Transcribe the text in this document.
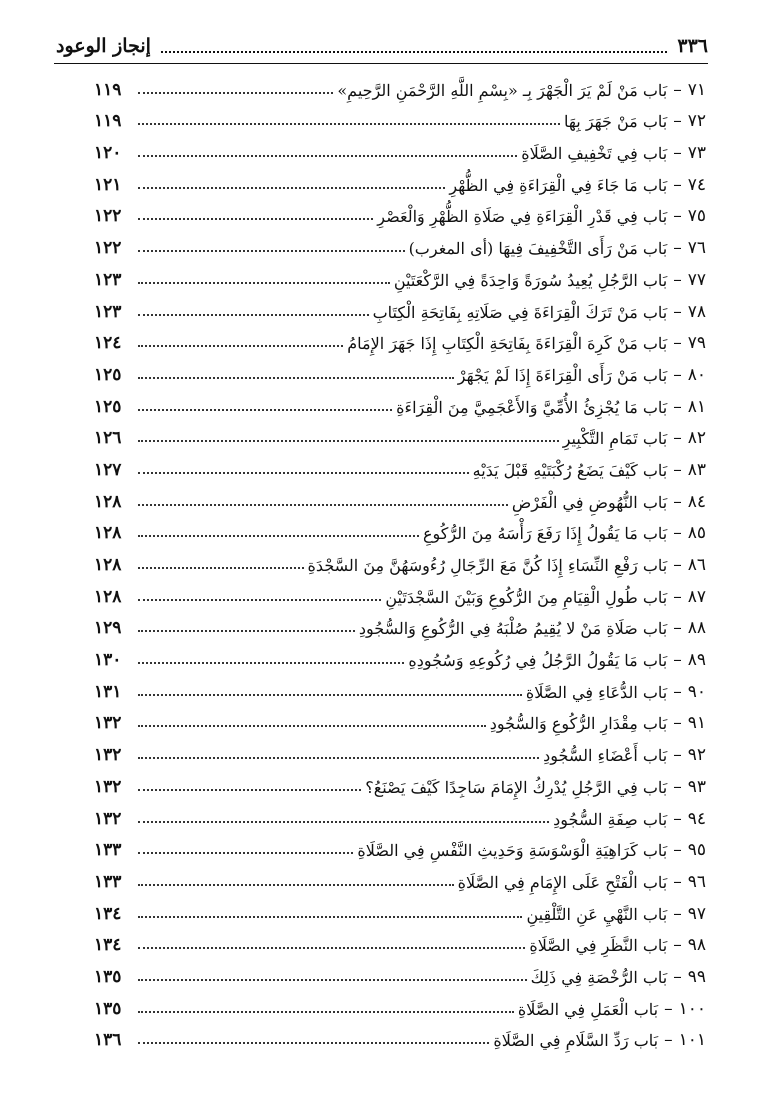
٣٣٦
إنجاز الوعود
٧١
–
بَاب مَنْ لَمْ يَرَ الْجَهْرَ بِـ «بِسْمِ اللَّهِ الرَّحْمَنِ الرَّحِيمِ»
١١٩
٧٢
–
بَاب مَنْ جَهَرَ بِهَا
١١٩
٧٣
–
بَاب فِي تَخْفِيفِ الصَّلَاةِ
١٢٠
٧٤
–
بَاب مَا جَاءَ فِي الْقِرَاءَةِ فِي الظُّهْرِ
١٢١
٧٥
–
بَاب فِي قَدْرِ الْقِرَاءَةِ فِي صَلَاةِ الظُّهْرِ وَالْعَصْرِ
١٢٢
٧٦
–
بَاب مَنْ رَأَى التَّخْفِيفَ فِيهَا (أى المغرب)
١٢٢
٧٧
–
بَاب الرَّجُلِ يُعِيدُ سُورَةً وَاحِدَةً فِي الرَّكْعَتَيْنِ
١٢٣
٧٨
–
بَاب مَنْ تَرَكَ الْقِرَاءَةَ فِي صَلَاتِهِ بِفَاتِحَةِ الْكِتَابِ
١٢٣
٧٩
–
بَاب مَنْ كَرِهَ الْقِرَاءَةَ بِفَاتِحَةِ الْكِتَابِ إِذَا جَهَرَ الإِمَامُ
١٢٤
٨٠
–
بَاب مَنْ رَأَى الْقِرَاءَةَ إِذَا لَمْ يَجْهَرْ
١٢٥
٨١
–
بَاب مَا يُجْزِئُ الأُمِّيَّ وَالأَعْجَمِيَّ مِنَ الْقِرَاءَةِ
١٢٥
٨٢
–
بَاب تَمَامِ التَّكْبِيرِ
١٢٦
٨٣
–
بَاب كَيْفَ يَضَعُ رُكْبَتَيْهِ قَبْلَ يَدَيْهِ
١٢٧
٨٤
–
بَاب النُّهُوضِ فِي الْفَرْضِ
١٢٨
٨٥
–
بَاب مَا يَقُولُ إِذَا رَفَعَ رَأْسَهُ مِنَ الرُّكُوعِ
١٢٨
٨٦
–
بَاب رَفْعِ النِّسَاءِ إِذَا كُنَّ مَعَ الرِّجَالِ رُءُوسَهُنَّ مِنَ السَّجْدَةِ
١٢٨
٨٧
–
بَاب طُولِ الْقِيَامِ مِنَ الرُّكُوعِ وَبَيْنَ السَّجْدَتَيْنِ
١٢٨
٨٨
–
بَاب صَلَاةِ مَنْ لا يُقِيمُ صُلْبَهُ فِي الرُّكُوعِ وَالسُّجُودِ
١٢٩
٨٩
–
بَاب مَا يَقُولُ الرَّجُلُ فِي رُكُوعِهِ وَسُجُودِهِ
١٣٠
٩٠
–
بَاب الدُّعَاءِ فِي الصَّلَاةِ
١٣١
٩١
–
بَاب مِقْدَارِ الرُّكُوعِ وَالسُّجُودِ
١٣٢
٩٢
–
بَاب أَعْضَاءِ السُّجُودِ
١٣٢
٩٣
–
بَاب فِي الرَّجُلِ يُدْرِكُ الإِمَامَ سَاجِدًا كَيْفَ يَصْنَعُ؟
١٣٢
٩٤
–
بَاب صِفَةِ السُّجُودِ
١٣٢
٩٥
–
بَاب كَرَاهِيَةِ الْوَسْوَسَةِ وَحَدِيثِ النَّفْسِ فِي الصَّلَاةِ
١٣٣
٩٦
–
بَاب الْفَتْحِ عَلَى الإِمَامِ فِي الصَّلَاةِ
١٣٣
٩٧
–
بَاب النَّهْيِ عَنِ التَّلْقِينِ
١٣٤
٩٨
–
بَاب النَّظَرِ فِي الصَّلَاةِ
١٣٤
٩٩
–
بَاب الرُّخْصَةِ فِي ذَلِكَ
١٣٥
١٠٠
–
بَاب الْعَمَلِ فِي الصَّلَاةِ
١٣٥
١٠١
–
بَاب رَدِّ السَّلَامِ فِي الصَّلَاةِ
١٣٦
